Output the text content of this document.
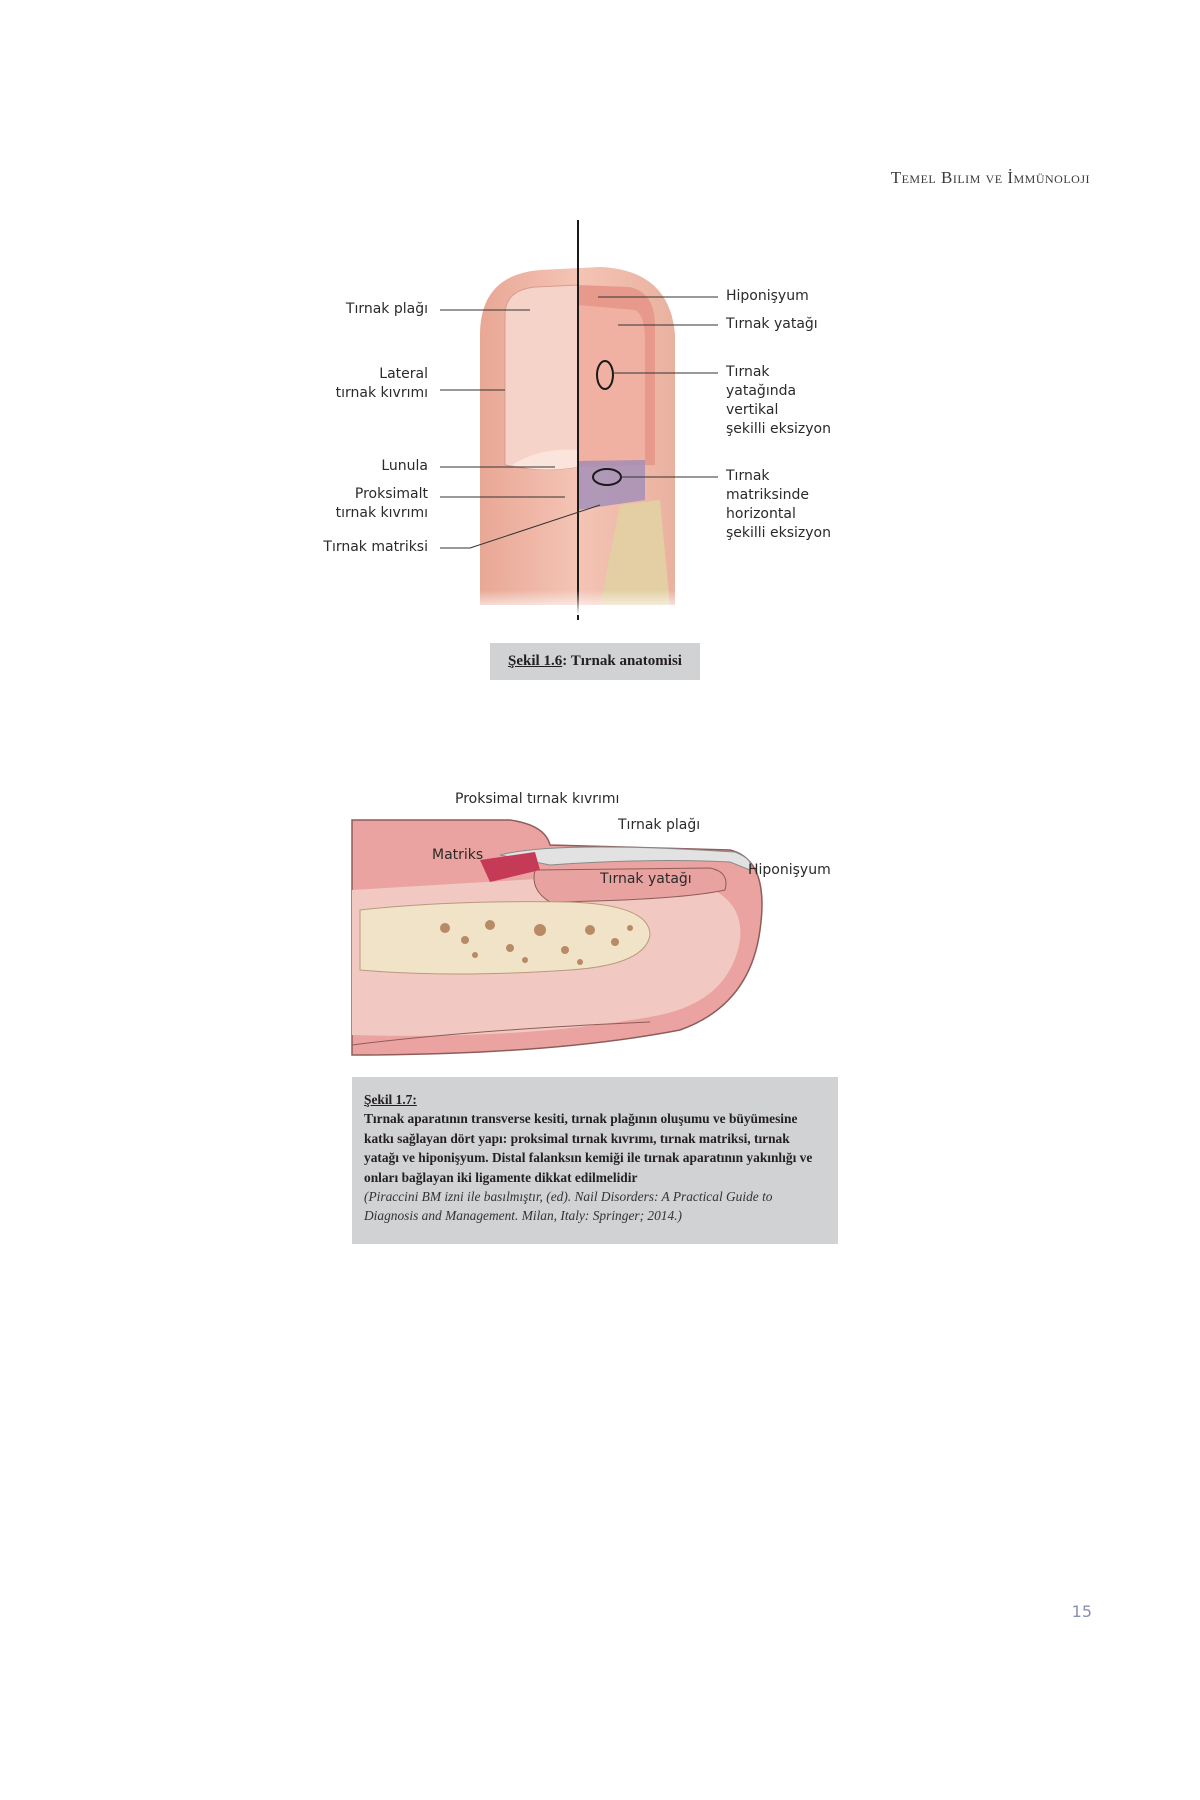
Temel Bilim ve İmmünoloji
Tırnak plağı
Lateral
tırnak kıvrımı
Lunula
Proksimalt
tırnak kıvrımı
Tırnak matriksi
Hiponişyum
Tırnak yatağı
Tırnak
yatağında
vertikal
şekilli eksizyon
Tırnak
matriksinde
horizontal
şekilli eksizyon
Şekil 1.6 : Tırnak anatomisi
Proksimal tırnak kıvrımı
Tırnak plağı
Matriks
Tırnak yatağı
Hiponişyum
Şekil 1.7:
Tırnak aparatının transverse kesiti, tırnak plağının oluşumu ve büyümesine katkı sağlayan dört yapı: proksimal tırnak kıvrımı, tırnak matriksi, tırnak yatağı ve hiponişyum. Distal falanksın kemiği ile tırnak aparatının yakınlığı ve onları bağlayan iki ligamente dikkat edilmelidir
(Piraccini BM izni ile basılmıştır, (ed). Nail Disorders: A Practical Guide to Diagnosis and Management. Milan, Italy: Springer; 2014.)
15
